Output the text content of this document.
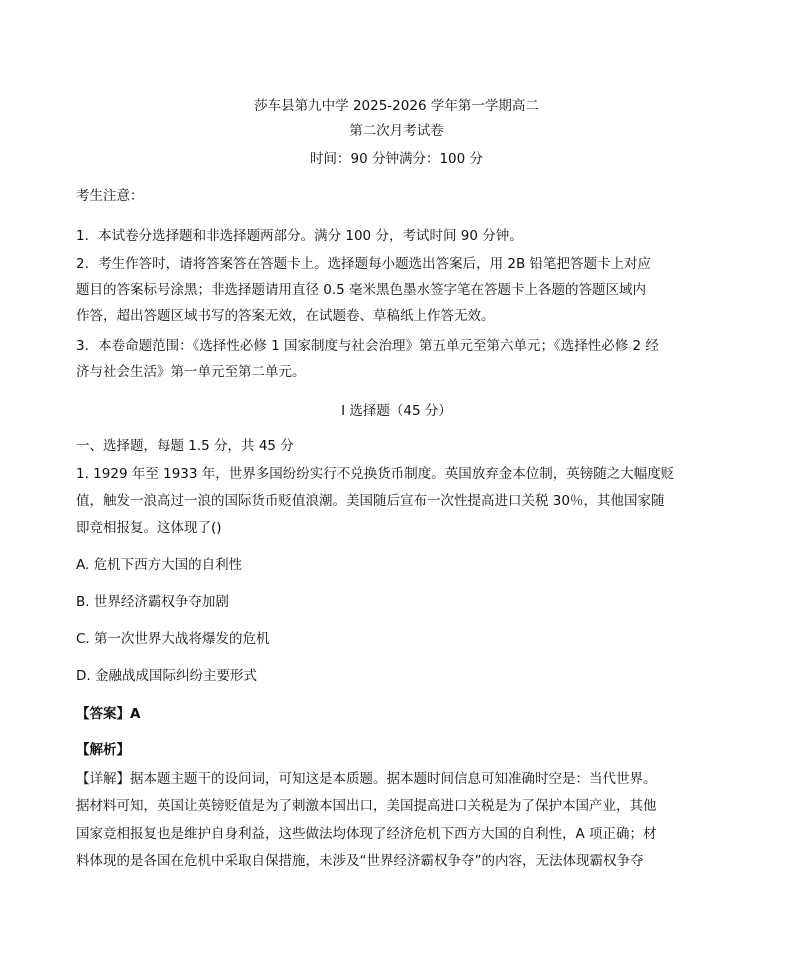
莎车县第九中学 2025-2026 学年第一学期高二
第二次月考试卷
时间：90 分钟满分：100 分
考生注意：
1．本试卷分选择题和非选择题两部分。满分 100 分，考试时间 90 分钟。
2．考生作答时，请将答案答在答题卡上。选择题每小题选出答案后，用 2B 铅笔把答题卡上对应
题目的答案标号涂黑；非选择题请用直径 0.5 毫米黑色墨水签字笔在答题卡上各题的答题区域内
作答，超出答题区域书写的答案无效，在试题卷、草稿纸上作答无效。
3．本卷命题范围：《选择性必修 1 国家制度与社会治理》第五单元至第六单元；《选择性必修 2 经
济与社会生活》第一单元至第二单元。
I 选择题（45 分）
一、选择题，每题 1.5 分，共 45 分
1. 1929 年至 1933 年，世界多国纷纷实行不兑换货币制度。英国放弃金本位制，英镑随之大幅度贬
值，触发一浪高过一浪的国际货币贬值浪潮。美国随后宣布一次性提高进口关税 30％，其他国家随
即竞相报复。这体现了()
A. 危机下西方大国的自利性
B. 世界经济霸权争夺加剧
C. 第一次世界大战将爆发的危机
D. 金融战成国际纠纷主要形式
【答案】A
【解析】
【详解】据本题主题干的设问词，可知这是本质题。据本题时间信息可知准确时空是：当代世界。
据材料可知，英国让英镑贬值是为了刺激本国出口，美国提高进口关税是为了保护本国产业，其他
国家竞相报复也是维护自身利益，这些做法均体现了经济危机下西方大国的自利性，A 项正确；材
料体现的是各国在危机中采取自保措施，未涉及“世界经济霸权争夺”的内容，无法体现霸权争夺
